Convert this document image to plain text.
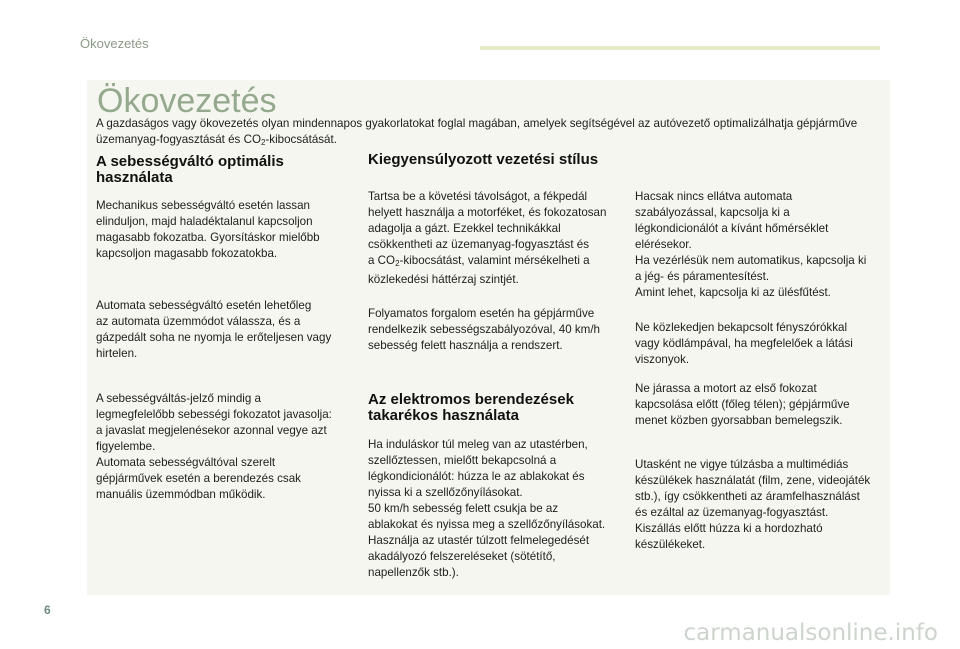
Ökovezetés
Ökovezetés

A gazdaságos vagy ökovezetés olyan mindennapos gyakorlatokat foglal magában, amelyek segítségével az autóvezető optimalizálhatja gépjárműve üzemanyag-fogyasztását és $CO_2$-kibocsátását.

A sebességváltó optimális használata

Mechanikus sebességváltó esetén lassan
elinduljon, majd haladéktalanul kapcsoljon
magasabb fokozatba. Gyorsításkor mielőbb
kapcsoljon magasabb fokozatokba.

Automata sebességváltó esetén lehetőleg
az automata üzemmódot válassza, és a
gázpedált soha ne nyomja le erőteljesen vagy
hirtelen.

A sebességváltás-jelző mindig a
legmegfelelőbb sebességi fokozatot javasolja:
a javaslat megjelenésekor azonnal vegye azt
figyelembe.
Automata sebességváltóval szerelt
gépjárművek esetén a berendezés csak
manuális üzemmódban működik.

Kiegyensúlyozott vezetési stílus

Tartsa be a követési távolságot, a fékpedál
helyett használja a motorféket, és fokozatosan
adagolja a gázt. Ezekkel technikákkal
csökkentheti az üzemanyag-fogyasztást és
a $CO_2$-kibocsátást, valamint mérsékelheti a
közlekedési háttérzaj szintjét.

Folyamatos forgalom esetén ha gépjárműve
rendelkezik sebességszabályozóval, 40 km/h
sebesség felett használja a rendszert.

Az elektromos berendezések takarékos használata

Ha induláskor túl meleg van az utastérben,
szellőztessen, mielőtt bekapcsolná a
légkondicionálót: húzza le az ablakokat és
nyissa ki a szellőzőnyílásokat.
50 km/h sebesség felett csukja be az
ablakokat és nyissa meg a szellőzőnyílásokat.
Használja az utastér túlzott felmelegedését
akadályozó felszereléseket (sötétítő,
napellenzők stb.).

Hacsak nincs ellátva automata
szabályozással, kapcsolja ki a
légkondicionálót a kívánt hőmérséklet
elérésekor.
Ha vezérlésük nem automatikus, kapcsolja ki
a jég- és páramentesítést.
Amint lehet, kapcsolja ki az ülésfűtést.

Ne közlekedjen bekapcsolt fényszórókkal
vagy ködlámpával, ha megfelelőek a látási
viszonyok.

Ne járassa a motort az első fokozat
kapcsolása előtt (főleg télen); gépjárműve
menet közben gyorsabban bemelegszik.

Utasként ne vigye túlzásba a multimédiás
készülékek használatát (film, zene, videojáték
stb.), így csökkentheti az áramfelhasználást
és ezáltal az üzemanyag-fogyasztást.
Kiszállás előtt húzza ki a hordozható
készülékeket.

6
carmanualsonline.info
